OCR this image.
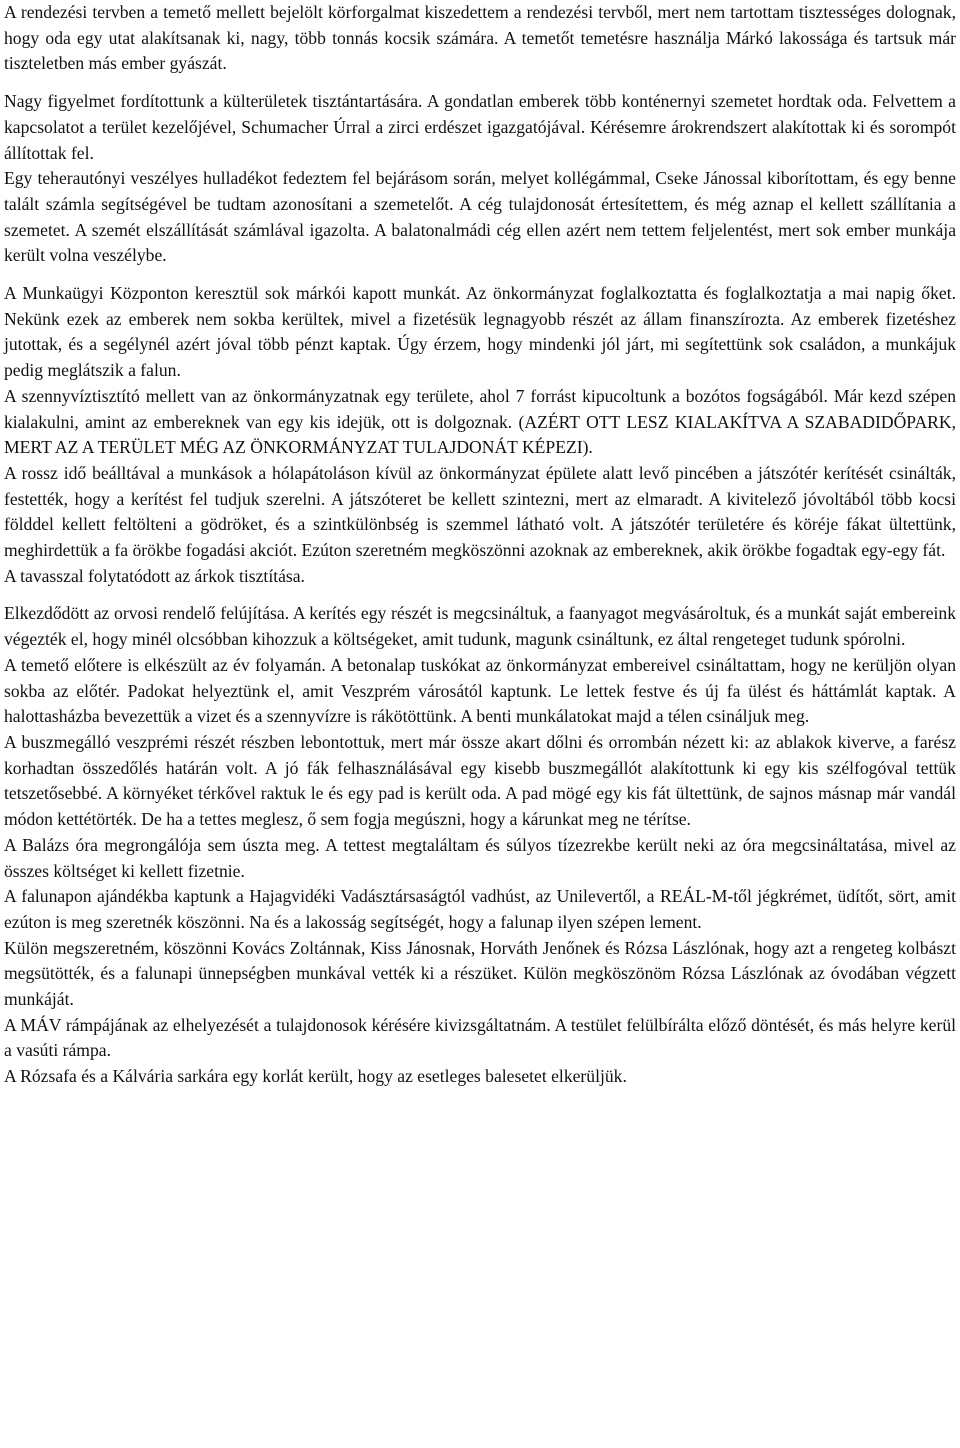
A rendezési tervben a temető mellett bejelölt körforgalmat kiszedettem a rendezési tervből, mert nem tartottam tisztességes dolognak, hogy oda egy utat alakítsanak ki, nagy, több tonnás kocsik számára. A temetőt temetésre használja Márkó lakossága és tartsuk már tiszteletben más ember gyászát.

Nagy figyelmet fordítottunk a külterületek tisztántartására. A gondatlan emberek több konténernyi szemetet hordtak oda. Felvettem a kapcsolatot a terület kezelőjével, Schumacher Úrral a zirci erdészet igazgatójával. Kérésemre árokrendszert alakítottak ki és sorompót állítottak fel.

Egy teherautónyi veszélyes hulladékot fedeztem fel bejárásom során, melyet kollégámmal, Cseke Jánossal kiborítottam, és egy benne talált számla segítségével be tudtam azonosítani a szemetelőt. A cég tulajdonosát értesítettem, és még aznap el kellett szállítania a szemetet. A szemét elszállítását számlával igazolta. A balatonalmádi cég ellen azért nem tettem feljelentést, mert sok ember munkája került volna veszélybe.

A Munkaügyi Központon keresztül sok márkói kapott munkát. Az önkormányzat foglalkoztatta és foglalkoztatja a mai napig őket. Nekünk ezek az emberek nem sokba kerültek, mivel a fizetésük legnagyobb részét az állam finanszírozta. Az emberek fizetéshez jutottak, és a segélynél azért jóval több pénzt kaptak. Úgy érzem, hogy mindenki jól járt, mi segítettünk sok családon, a munkájuk pedig meglátszik a falun.

A szennyvíztisztító mellett van az önkormányzatnak egy területe, ahol 7 forrást kipucoltunk a bozótos fogságából. Már kezd szépen kialakulni, amint az embereknek van egy kis idejük, ott is dolgoznak. (AZÉRT OTT LESZ KIALAKÍTVA A SZABADIDŐPARK, MERT AZ A TERÜLET MÉG AZ ÖNKORMÁNYZAT TULAJDONÁT KÉPEZI).

A rossz idő beálltával a munkások a hólapátoláson kívül az önkormányzat épülete alatt levő pincében a játszótér kerítését csinálták, festették, hogy a kerítést fel tudjuk szerelni. A játszóteret be kellett szintezni, mert az elmaradt. A kivitelező jóvoltából több kocsi földdel kellett feltölteni a gödröket, és a szintkülönbség is szemmel látható volt. A játszótér területére és köréje fákat ültettünk, meghirdettük a fa örökbe fogadási akciót. Ezúton szeretném megköszönni azoknak az embereknek, akik örökbe fogadtak egy-egy fát.

A tavasszal folytatódott az árkok tisztítása.

Elkezdődött az orvosi rendelő felújítása. A kerítés egy részét is megcsináltuk, a faanyagot megvásároltuk, és a munkát saját embereink végezték el, hogy minél olcsóbban kihozzuk a költségeket, amit tudunk, magunk csináltunk, ez által rengeteget tudunk spórolni.

A temető előtere is elkészült az év folyamán. A betonalap tuskókat az önkormányzat embereivel csináltattam, hogy ne kerüljön olyan sokba az előtér. Padokat helyeztünk el, amit Veszprém városától kaptunk. Le lettek festve és új fa ülést és háttámlát kaptak. A halottasházba bevezettük a vizet és a szennyvízre is rákötöttünk. A benti munkálatokat majd a télen csináljuk meg.

A buszmegálló veszprémi részét részben lebontottuk, mert már össze akart dőlni és orrombán nézett ki: az ablakok kiverve, a farész korhadtan összedőlés határán volt. A jó fák felhasználásával egy kisebb buszmegállót alakítottunk ki egy kis szélfogóval tettük tetszetősebbé. A környéket térkővel raktuk le és egy pad is került oda. A pad mögé egy kis fát ültettünk, de sajnos másnap már vandál módon kettétörték. De ha a tettes meglesz, ő sem fogja megúszni, hogy a kárunkat meg ne térítse.

A Balázs óra megrongálója sem úszta meg. A tettest megtaláltam és súlyos tízezrekbe került neki az óra megcsináltatása, mivel az összes költséget ki kellett fizetnie.

A falunapon ajándékba kaptunk a Hajagvidéki Vadásztársaságtól vadhúst, az Unilevertől, a REÁL-M-től jégkrémet, üdítőt, sört, amit ezúton is meg szeretnék köszönni. Na és a lakosság segítségét, hogy a falunap ilyen szépen lement.

Külön megszeretném, köszönni Kovács Zoltánnak, Kiss Jánosnak, Horváth Jenőnek és Rózsa Lászlónak, hogy azt a rengeteg kolbászt megsütötték, és a falunapi ünnepségben munkával vették ki a részüket. Külön megköszönöm Rózsa Lászlónak az óvodában végzett munkáját.

A MÁV rámpájának az elhelyezését a tulajdonosok kérésére kivizsgáltatnám. A testület felülbírálta előző döntését, és más helyre kerül a vasúti rámpa.

A Rózsafa és a Kálvária sarkára egy korlát került, hogy az esetleges balesetet elkerüljük.
